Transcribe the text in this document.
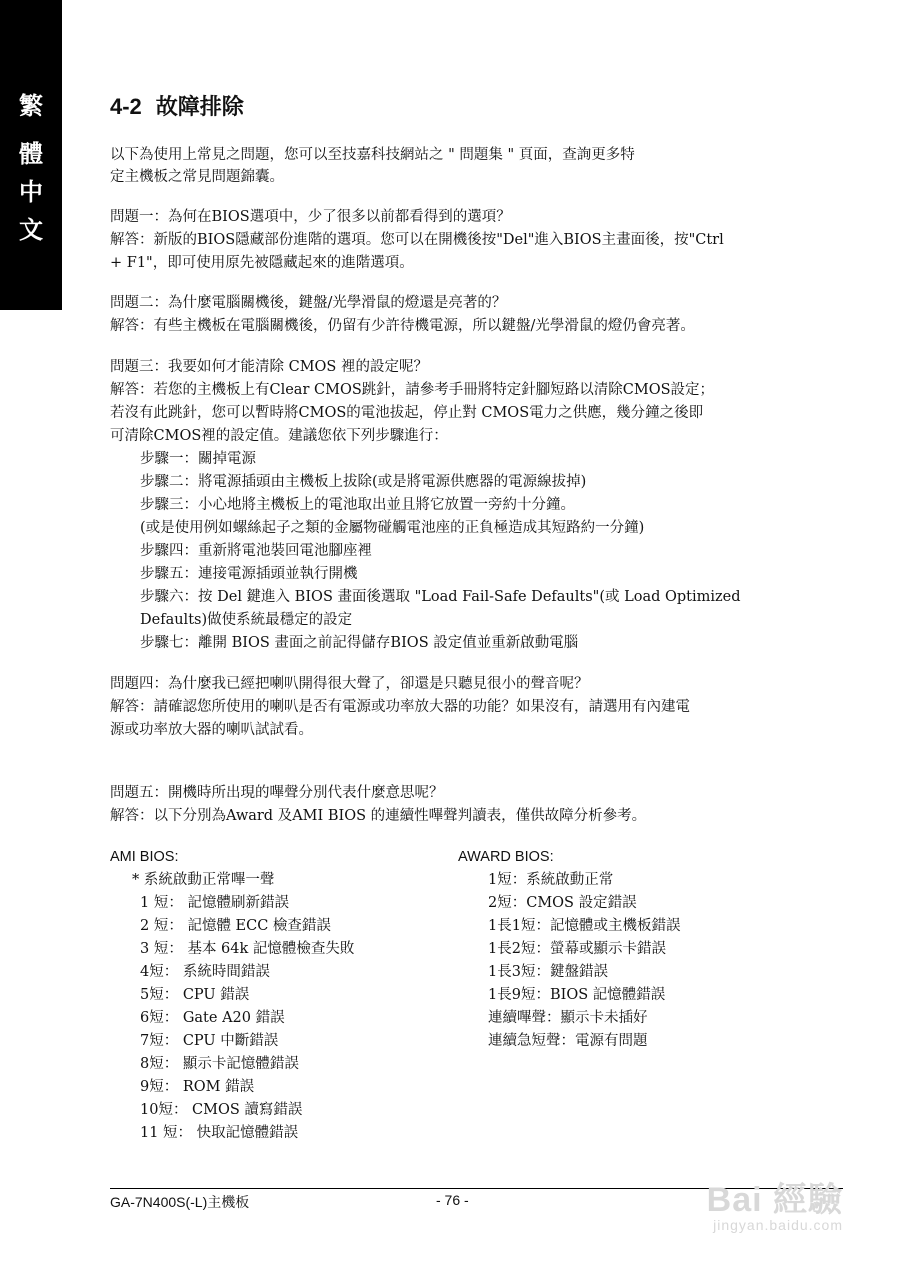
繁
體
中
文
4-2 故障排除
以下為使用上常見之問題，您可以至技嘉科技網站之 " 問題集 " 頁面，查詢更多特
定主機板之常見問題錦囊。
問題一：為何在BIOS選項中，少了很多以前都看得到的選項？
解答：新版的BIOS隱藏部份進階的選項。您可以在開機後按"Del"進入BIOS主畫面後，按"Ctrl
+ F1"，即可使用原先被隱藏起來的進階選項。
問題二：為什麼電腦關機後，鍵盤/光學滑鼠的燈還是亮著的？
解答：有些主機板在電腦關機後，仍留有少許待機電源，所以鍵盤/光學滑鼠的燈仍會亮著。
問題三：我要如何才能清除 CMOS 裡的設定呢？
解答：若您的主機板上有Clear CMOS跳針，請參考手冊將特定針腳短路以清除CMOS設定；
若沒有此跳針，您可以暫時將CMOS的電池拔起，停止對 CMOS電力之供應，幾分鐘之後即
可清除CMOS裡的設定值。建議您依下列步驟進行：
步驟一：關掉電源
步驟二：將電源插頭由主機板上拔除(或是將電源供應器的電源線拔掉)
步驟三：小心地將主機板上的電池取出並且將它放置一旁約十分鐘。
(或是使用例如螺絲起子之類的金屬物碰觸電池座的正負極造成其短路約一分鐘)
步驟四：重新將電池裝回電池腳座裡
步驟五：連接電源插頭並執行開機
步驟六：按 Del 鍵進入 BIOS 畫面後選取 "Load Fail-Safe Defaults"(或 Load Optimized
Defaults)做使系統最穩定的設定
步驟七：離開 BIOS 畫面之前記得儲存BIOS 設定值並重新啟動電腦
問題四：為什麼我已經把喇叭開得很大聲了，卻還是只聽見很小的聲音呢？
解答：請確認您所使用的喇叭是否有電源或功率放大器的功能？如果沒有，請選用有內建電
源或功率放大器的喇叭試試看。
問題五：開機時所出現的嗶聲分別代表什麼意思呢？
解答：以下分別為Award 及AMI BIOS 的連續性嗶聲判讀表，僅供故障分析參考。
AMI BIOS:
* 系統啟動正常嗶一聲
1 短： 記憶體刷新錯誤
2 短： 記憶體 ECC 檢查錯誤
3 短： 基本 64k 記憶體檢查失敗
4短： 系統時間錯誤
5短： CPU 錯誤
6短： Gate A20 錯誤
7短： CPU 中斷錯誤
8短： 顯示卡記憶體錯誤
9短： ROM 錯誤
10短： CMOS 讀寫錯誤
11 短： 快取記憶體錯誤
AWARD BIOS:
1短：系統啟動正常
2短：CMOS 設定錯誤
1長1短：記憶體或主機板錯誤
1長2短：螢幕或顯示卡錯誤
1長3短：鍵盤錯誤
1長9短：BIOS 記憶體錯誤
連續嗶聲：顯示卡未插好
連續急短聲：電源有問題
GA-7N400S(-L)主機板	- 76 -	Bai 經驗
jingyan.baidu.com
